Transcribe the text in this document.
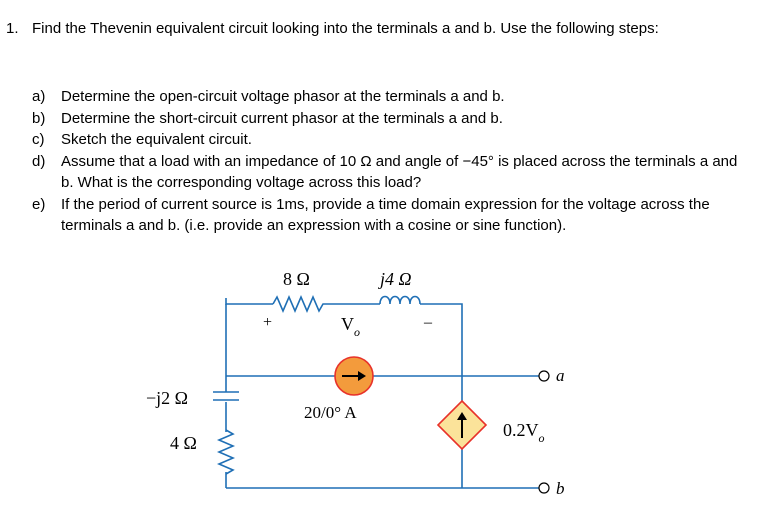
1. Find the Thevenin equivalent circuit looking into the terminals a and b. Use the following steps:
a) Determine the open-circuit voltage phasor at the terminals a and b.
b) Determine the short-circuit current phasor at the terminals a and b.
c) Sketch the equivalent circuit.
d) Assume that a load with an impedance of 10 Ω and angle of −45° is placed across the terminals a and b. What is the corresponding voltage across this load?
e) If the period of current source is 1ms, provide a time domain expression for the voltage across the terminals a and b. (i.e. provide an expression with a cosine or sine function).
8 Ω	j4 Ω
+	–
$V_o$
−j2 Ω
4 Ω
20/0° A
$0.2V_o$
a
b
